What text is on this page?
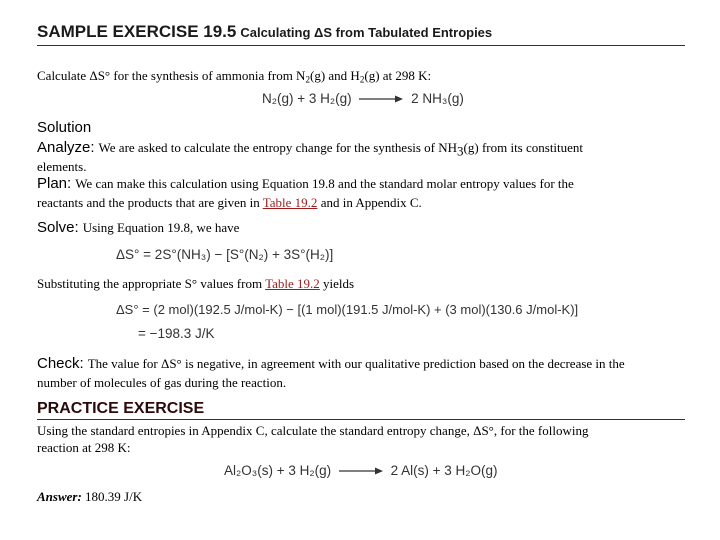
SAMPLE EXERCISE 19.5 Calculating ΔS from Tabulated Entropies
Calculate ΔS° for the synthesis of ammonia from $N_2(g)$ and $H_2(g)$ at 298 K:
N₂(g) + 3 H₂(g) → 2 NH₃(g)
Solution
Analyze: We are asked to calculate the entropy change for the synthesis of $NH_3(g)$ from its constituent
elements.
Plan: We can make this calculation using Equation 19.8 and the standard molar entropy values for the
reactants and the products that are given in Table 19.2 and in Appendix C.
Solve: Using Equation 19.8, we have
ΔS° = 2S°(NH₃) − [S°(N₂) + 3S°(H₂)]
Substituting the appropriate S° values from Table 19.2 yields
ΔS° = (2 mol)(192.5 J/mol-K) − [(1 mol)(191.5 J/mol-K) + (3 mol)(130.6 J/mol-K)]
= −198.3 J/K
Check: The value for ΔS° is negative, in agreement with our qualitative prediction based on the decrease in the
number of molecules of gas during the reaction.
PRACTICE EXERCISE
Using the standard entropies in Appendix C, calculate the standard entropy change, ΔS°, for the following
reaction at 298 K:
Al₂O₃(s) + 3 H₂(g) → 2 Al(s) + 3 H₂O(g)
Answer: 180.39 J/K
